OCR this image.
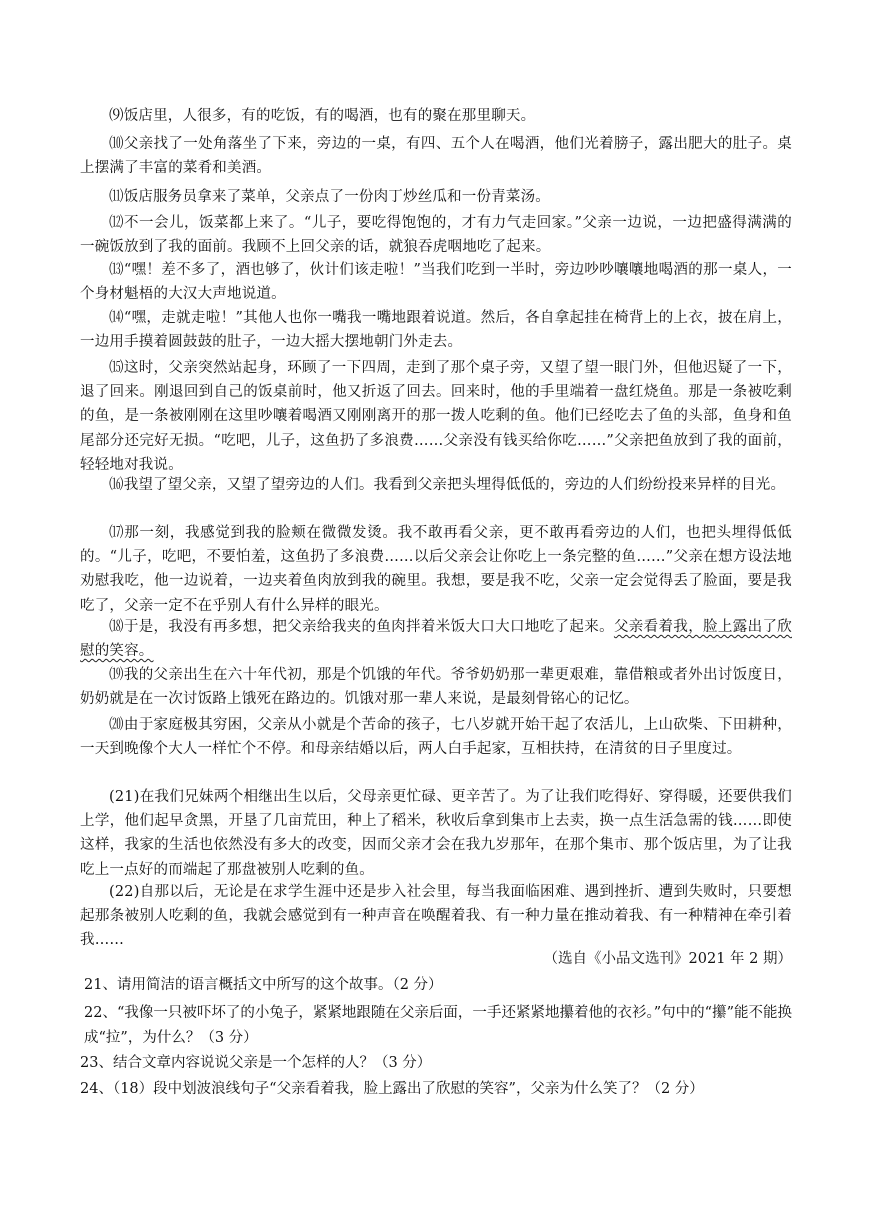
⑼饭店里，人很多，有的吃饭，有的喝酒，也有的聚在那里聊天。

⑽父亲找了一处角落坐了下来，旁边的一桌，有四、五个人在喝酒，他们光着膀子，露出肥大的肚子。桌上摆满了丰富的菜肴和美酒。

⑾饭店服务员拿来了菜单，父亲点了一份肉丁炒丝瓜和一份青菜汤。

⑿不一会儿，饭菜都上来了。“儿子，要吃得饱饱的，才有力气走回家。”父亲一边说，一边把盛得满满的一碗饭放到了我的面前。我顾不上回父亲的话，就狼吞虎咽地吃了起来。

⒀“嘿！差不多了，酒也够了，伙计们该走啦！”当我们吃到一半时，旁边吵吵嚷嚷地喝酒的那一桌人，一个身材魁梧的大汉大声地说道。

⒁“嘿，走就走啦！”其他人也你一嘴我一嘴地跟着说道。然后，各自拿起挂在椅背上的上衣，披在肩上，一边用手摸着圆鼓鼓的肚子，一边大摇大摆地朝门外走去。

⒂这时，父亲突然站起身，环顾了一下四周，走到了那个桌子旁，又望了望一眼门外，但他迟疑了一下，退了回来。刚退回到自己的饭桌前时，他又折返了回去。回来时，他的手里端着一盘红烧鱼。那是一条被吃剩的鱼，是一条被刚刚在这里吵嚷着喝酒又刚刚离开的那一拨人吃剩的鱼。他们已经吃去了鱼的头部，鱼身和鱼尾部分还完好无损。“吃吧，儿子，这鱼扔了多浪费……父亲没有钱买给你吃……”父亲把鱼放到了我的面前，轻轻地对我说。

⒃我望了望父亲，又望了望旁边的人们。我看到父亲把头埋得低低的，旁边的人们纷纷投来异样的目光。

⒄那一刻，我感觉到我的脸颊在微微发烫。我不敢再看父亲，更不敢再看旁边的人们，也把头埋得低低的。“儿子，吃吧，不要怕羞，这鱼扔了多浪费……以后父亲会让你吃上一条完整的鱼……”父亲在想方设法地劝慰我吃，他一边说着，一边夹着鱼肉放到我的碗里。我想，要是我不吃，父亲一定会觉得丢了脸面，要是我吃了，父亲一定不在乎别人有什么异样的眼光。

⒅于是，我没有再多想，把父亲给我夹的鱼肉拌着米饭大口大口地吃了起来。父亲看着我，脸上露出了欣慰的笑容。

⒆我的父亲出生在六十年代初，那是个饥饿的年代。爷爷奶奶那一辈更艰难，靠借粮或者外出讨饭度日，奶奶就是在一次讨饭路上饿死在路边的。饥饿对那一辈人来说，是最刻骨铭心的记忆。

⒇由于家庭极其穷困，父亲从小就是个苦命的孩子，七八岁就开始干起了农活儿，上山砍柴、下田耕种，一天到晚像个大人一样忙个不停。和母亲结婚以后，两人白手起家，互相扶持，在清贫的日子里度过。

(21)在我们兄妹两个相继出生以后，父母亲更忙碌、更辛苦了。为了让我们吃得好、穿得暖，还要供我们上学，他们起早贪黑，开垦了几亩荒田，种上了稻米，秋收后拿到集市上去卖，换一点生活急需的钱……即使这样，我家的生活也依然没有多大的改变，因而父亲才会在我九岁那年，在那个集市、那个饭店里，为了让我吃上一点好的而端起了那盘被别人吃剩的鱼。

(22)自那以后，无论是在求学生涯中还是步入社会里，每当我面临困难、遇到挫折、遭到失败时，只要想起那条被别人吃剩的鱼，我就会感觉到有一种声音在唤醒着我、有一种力量在推动着我、有一种精神在牵引着我……

（选自《小品文选刊》2021 年 2 期）

21、请用简洁的语言概括文中所写的这个故事。（2 分）

22、“我像一只被吓坏了的小兔子，紧紧地跟随在父亲后面，一手还紧紧地攥着他的衣衫。”句中的“攥”能不能换成“拉”，为什么？（3 分）

23、结合文章内容说说父亲是一个怎样的人？（3 分）

24、（18）段中划波浪线句子“父亲看着我，脸上露出了欣慰的笑容”，父亲为什么笑了？（2 分）
